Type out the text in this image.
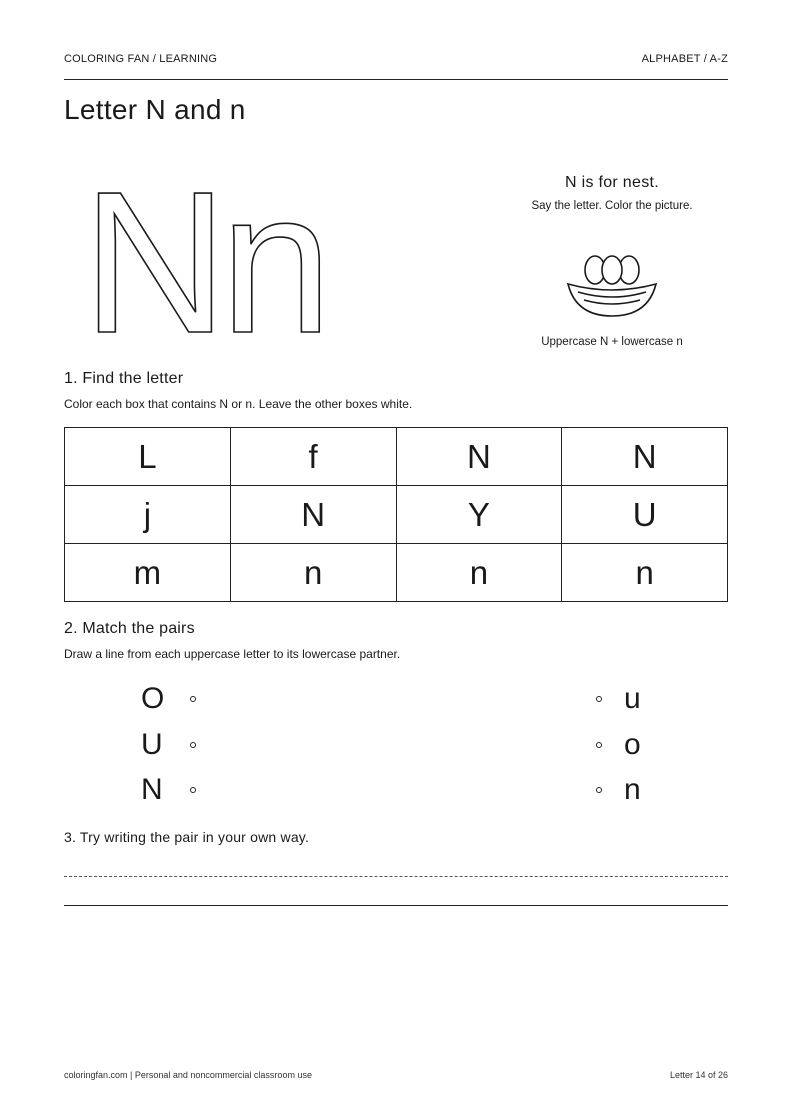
COLORING FAN / LEARNING	ALPHABET / A-Z
Letter N and n
N
n	N is for nest.
Say the letter. Color the picture.
Uppercase N + lowercase n
1. Find the letter
Color each box that contains N or n. Leave the other boxes white.
L	f	N	N
j	N	Y	U
m	n	n	n
2. Match the pairs
Draw a line from each uppercase letter to its lowercase partner.
O
U
N
u
o
n
3. Try writing the pair in your own way.
coloringfan.com | Personal and noncommercial classroom use	Letter 14 of 26
